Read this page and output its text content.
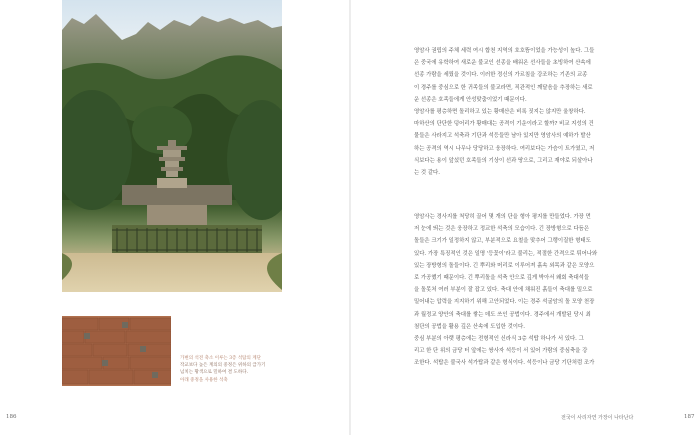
가변의 석전 축소 이루는 3층 석탑의 계단
작교보다 높은 계의의 중정은 위하의 급가기
넘치는 황색으로 밀하여 결 도하다.
아래 중정을 사용한 석축
영암사 권립의 주체 세력 여시 합천 지역의 호호뜸이었을 가능성이 높다. 그들
은 중국에 유학하여 새로운 불교인 선종을 배워온 선사들을 초빙하여 산속에
선종 가람을 세웠을 것이다. 이러한 정신의 가르침을 강조하는 기존의 교종
이 경주를 중심으로 한 귀족들의 불교라면, 직관적인 깨달음을 추장하는 새로
운 선종은 호족들에게 안성맞춤이었기 때문이다.
영암사를 평층하면 돌리하고 있는 황매산은 비록 짓지는 않지만 울창하다.
마하산의 단단한 덩어리가 황매대는 공격이 기운이라고 할까? 비교 지성의 건
물들은 사라지고 석축과 기단과 석등들만 남아 있지만 영암사의 예하가 발산
하는 공격의 역시 나무나 당당하고 웅장하다. 여리보다는 가슴이 트가였고, 저
식보다는 용이 앞섰던 호족들의 기상이 선과 땅으로, 그리고 재야로 되살아나
는 것 같다.
영암사는 경사지를 척당히 끌어 몇 개의 단을 형아 평지를 만들었다. 가장 먼
저 눈에 띄는 것은 웅장하고 정교한 석축의 모습이다. 긴 장방형으로 다듬은
돌들은 크기가 일정하지 않고, 부분적으로 요철을 맞추어 그랭이질한 형태도
있다. 가장 특징적인 것은 일명 '등꽃이'라고 불리는, 적절한 간격으로 튀어나와
있는 장방형의 돌들이다. 긴 뿌리와 머리로 이루어져 흙속 외목과 같은 모양으
로 가공했기 때문이다. 긴 뿌리돌을 석축 안으로 깊게 박아서 왜회 축대석들
을 돌못처 여러 부분이 잘 잡고 있다. 축대 안에 채워진 흙들이 축대를 밀으로
밀어내는 압력을 지지하기 위해 고안되었다. 이는 경주 석굴암의 돌 모양 천장
과 월정교 양안의 축대를 쌓는 데도 쓰인 공법이다. 경주에서 개발된 당시 최
첨단의 공법을 활용 깊은 산속에 도입한 것이다.
중심 부분의 아랫 평층에는 전형적인 신라식 3층 석탑 하나가 서 있다. 그
리고 한 단 위의 금당 터 앞에는 쌍사자 석등이 서 있어 가람의 중심축을 강
조한다. 석탑은 불국사 석가탑과 같은 형식이다. 석등이나 금당 기단처럼 조가
186	전국이 사리자연 가장이 나타난다	187
